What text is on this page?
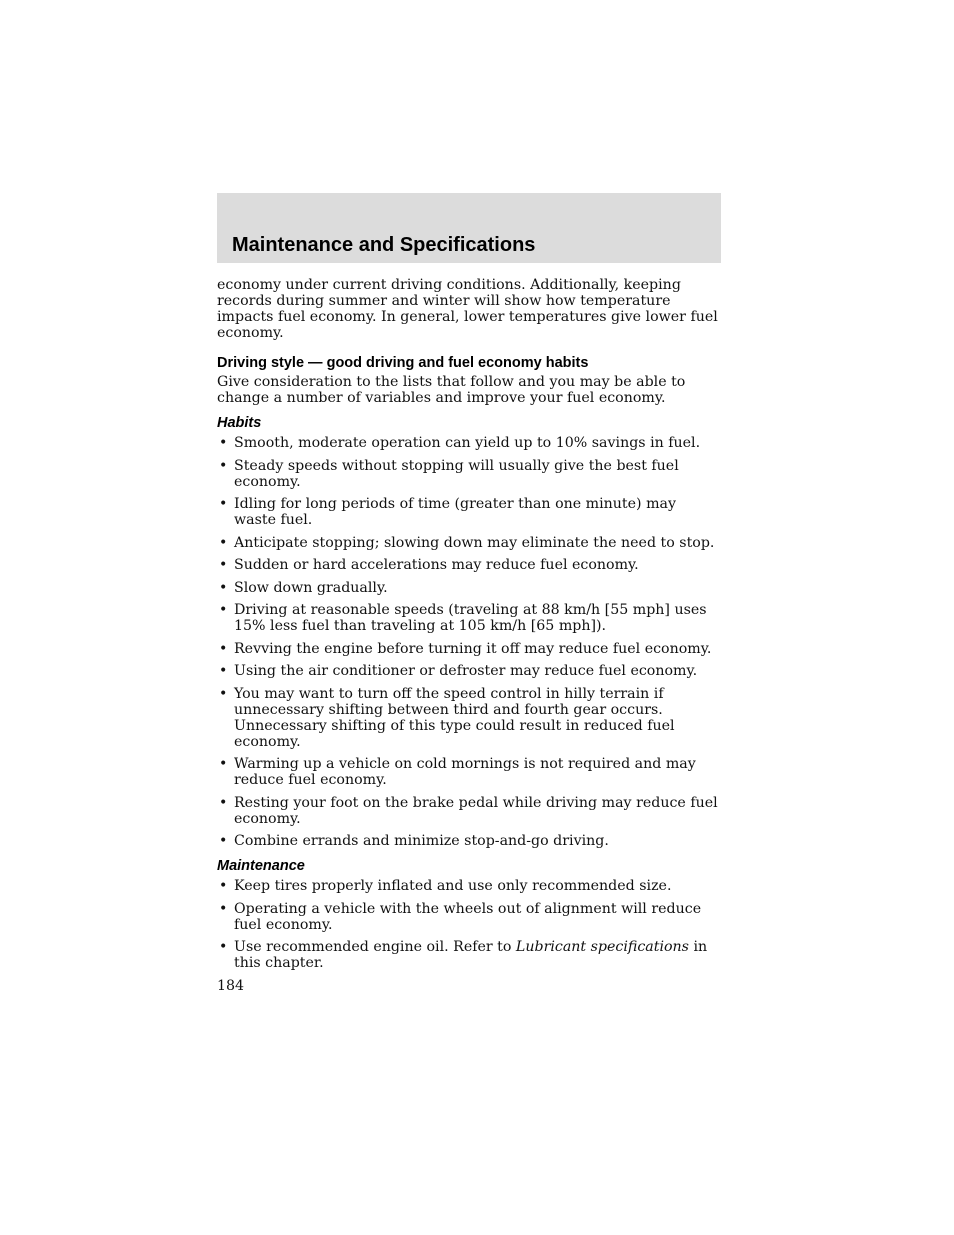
Maintenance and Specifications
economy under current driving conditions. Additionally, keeping records during summer and winter will show how temperature impacts fuel economy. In general, lower temperatures give lower fuel economy.
Driving style — good driving and fuel economy habits
Give consideration to the lists that follow and you may be able to change a number of variables and improve your fuel economy.
Habits
• Smooth, moderate operation can yield up to 10% savings in fuel.
• Steady speeds without stopping will usually give the best fuel economy.
• Idling for long periods of time (greater than one minute) may waste fuel.
• Anticipate stopping; slowing down may eliminate the need to stop.
• Sudden or hard accelerations may reduce fuel economy.
• Slow down gradually.
• Driving at reasonable speeds (traveling at 88 km/h [55 mph] uses 15% less fuel than traveling at 105 km/h [65 mph]).
• Revving the engine before turning it off may reduce fuel economy.
• Using the air conditioner or defroster may reduce fuel economy.
• You may want to turn off the speed control in hilly terrain if unnecessary shifting between third and fourth gear occurs. Unnecessary shifting of this type could result in reduced fuel economy.
• Warming up a vehicle on cold mornings is not required and may reduce fuel economy.
• Resting your foot on the brake pedal while driving may reduce fuel economy.
• Combine errands and minimize stop-and-go driving.
Maintenance
• Keep tires properly inflated and use only recommended size.
• Operating a vehicle with the wheels out of alignment will reduce fuel economy.
• Use recommended engine oil. Refer to Lubricant specifications in this chapter.
184
